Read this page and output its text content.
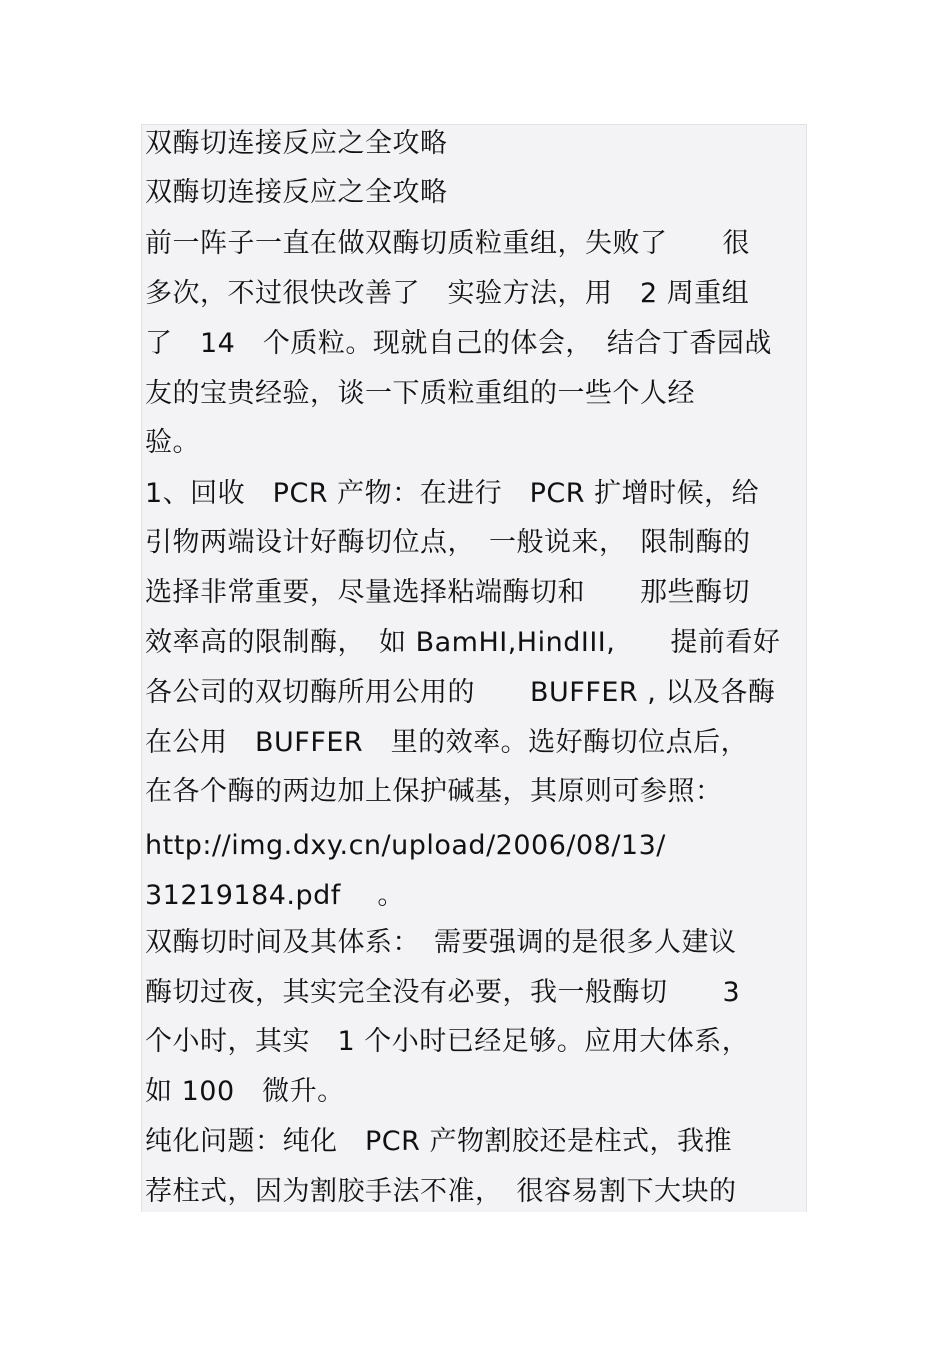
双酶切连接反应之全攻略
双酶切连接反应之全攻略
前一阵子一直在做双酶切质粒重组，失败了　　很
多次，不过很快改善了　实验方法，用　2 周重组
了　14　个质粒。现就自己的体会，　结合丁香园战
友的宝贵经验，谈一下质粒重组的一些个人经
验。
1、回收　PCR 产物：在进行　PCR 扩增时候，给
引物两端设计好酶切位点，　一般说来，　限制酶的
选择非常重要，尽量选择粘端酶切和　　那些酶切
效率高的限制酶，　如 BamHI,HindIII,　　提前看好
各公司的双切酶所用公用的　　BUFFER , 以及各酶
在公用　BUFFER　里的效率。选好酶切位点后，
在各个酶的两边加上保护碱基，其原则可参照：
http://img.dxy.cn/upload/2006/08/13/
31219184.pdf　 。
双酶切时间及其体系：　需要强调的是很多人建议
酶切过夜，其实完全没有必要，我一般酶切　　3
个小时，其实　1 个小时已经足够。应用大体系，
如 100　微升。
纯化问题：纯化　PCR 产物割胶还是柱式，我推
荐柱式，因为割胶手法不准，　很容易割下大块的
